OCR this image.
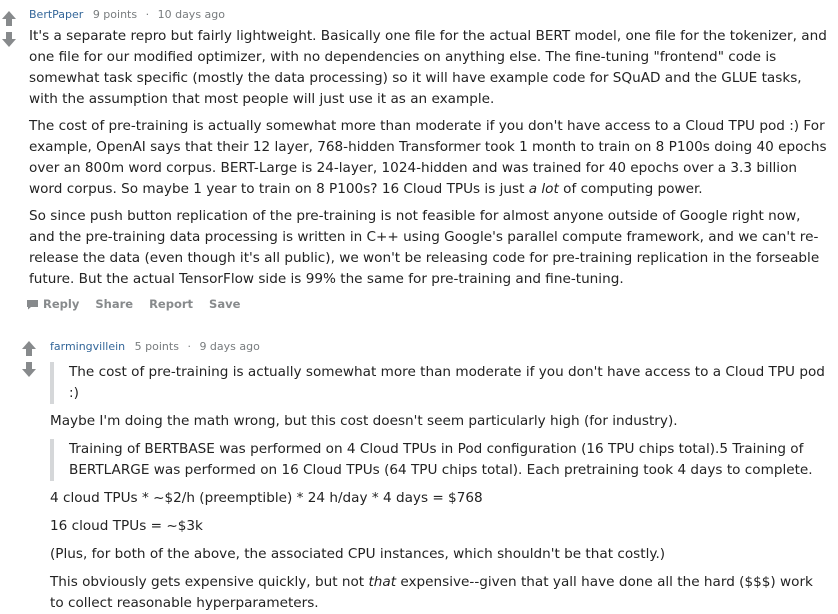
BertPaper 9 points · 10 days ago

It's a separate repro but fairly lightweight. Basically one file for the actual BERT model, one file for the tokenizer, and one file for our modified optimizer, with no dependencies on anything else. The fine-tuning "frontend" code is somewhat task specific (mostly the data processing) so it will have example code for SQuAD and the GLUE tasks, with the assumption that most people will just use it as an example.

The cost of pre-training is actually somewhat more than moderate if you don't have access to a Cloud TPU pod :) For example, OpenAI says that their 12 layer, 768-hidden Transformer took 1 month to train on 8 P100s doing 40 epochs over an 800m word corpus. BERT-Large is 24-layer, 1024-hidden and was trained for 40 epochs over a 3.3 billion word corpus. So maybe 1 year to train on 8 P100s? 16 Cloud TPUs is just a lot of computing power.

So since push button replication of the pre-training is not feasible for almost anyone outside of Google right now, and the pre-training data processing is written in C++ using Google's parallel compute framework, and we can't re-release the data (even though it's all public), we won't be releasing code for pre-training replication in the forseable future. But the actual TensorFlow side is 99% the same for pre-training and fine-tuning.

Reply Share Report Save
farmingvillein 5 points · 9 days ago
The cost of pre-training is actually somewhat more than moderate if you don't have access to a Cloud TPU pod :)

Maybe I'm doing the math wrong, but this cost doesn't seem particularly high (for industry).

Training of BERTBASE was performed on 4 Cloud TPUs in Pod configuration (16 TPU chips total).5 Training of BERTLARGE was performed on 16 Cloud TPUs (64 TPU chips total). Each pretraining took 4 days to complete.

4 cloud TPUs * ~$2/h (preemptible) * 24 h/day * 4 days = $768

16 cloud TPUs = ~$3k

(Plus, for both of the above, the associated CPU instances, which shouldn't be that costly.)

This obviously gets expensive quickly, but not that expensive--given that yall have done all the hard ($$$) work to collect reasonable hyperparameters.
